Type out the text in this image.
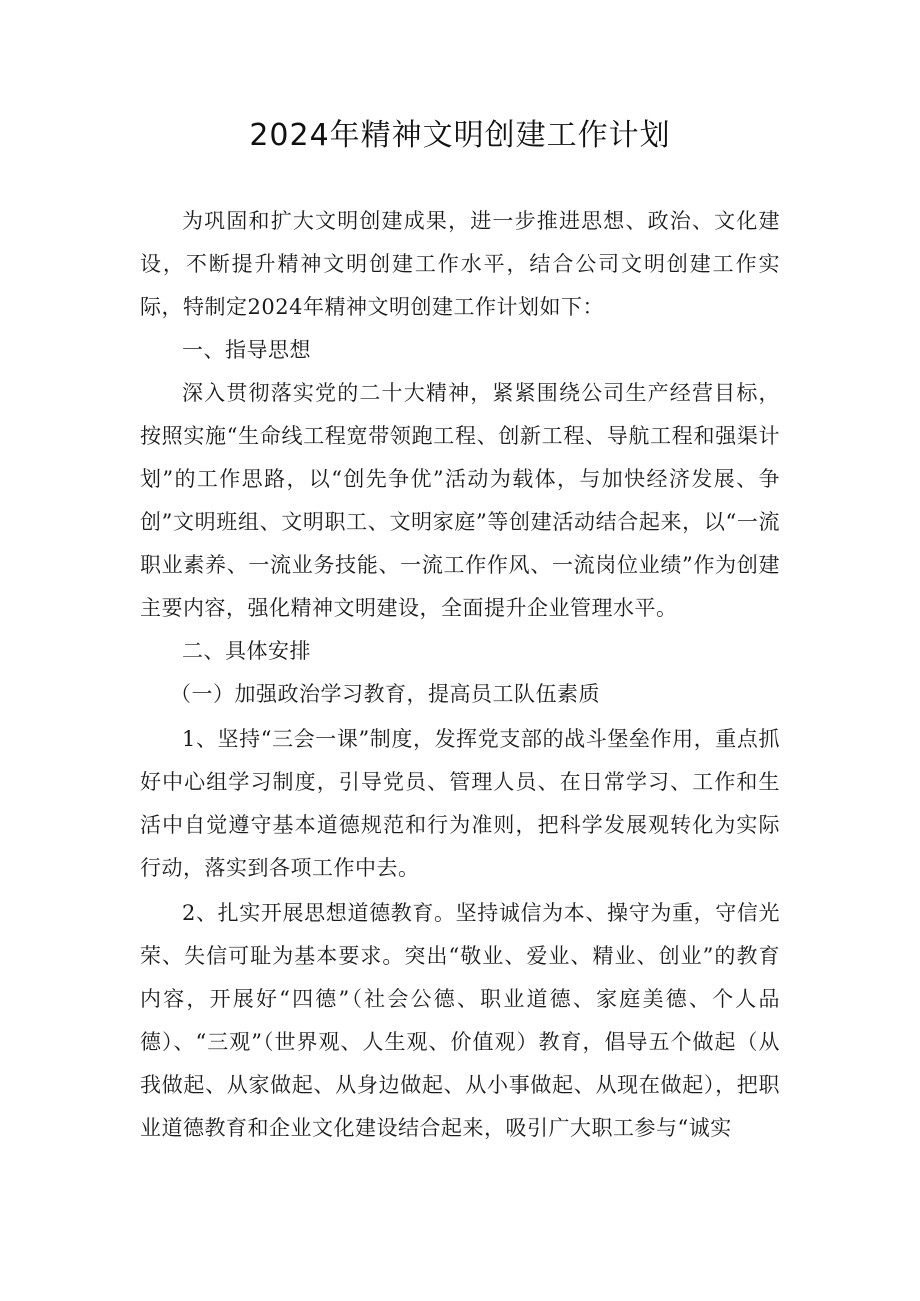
2024年精神文明创建工作计划

为巩固和扩大文明创建成果，进一步推进思想、政治、文化建设，不断提升精神文明创建工作水平，结合公司文明创建工作实际，特制定2024年精神文明创建工作计划如下：

一、指导思想

深入贯彻落实党的二十大精神，紧紧围绕公司生产经营目标，按照实施“生命线工程宽带领跑工程、创新工程、导航工程和强渠计划”的工作思路，以“创先争优”活动为载体，与加快经济发展、争创”文明班组、文明职工、文明家庭”等创建活动结合起来，以“一流职业素养、一流业务技能、一流工作作风、一流岗位业绩”作为创建主要内容，强化精神文明建设，全面提升企业管理水平。

二、具体安排

（一）加强政治学习教育，提高员工队伍素质

1、坚持“三会一课”制度，发挥党支部的战斗堡垒作用，重点抓好中心组学习制度，引导党员、管理人员、在日常学习、工作和生活中自觉遵守基本道德规范和行为准则，把科学发展观转化为实际行动，落实到各项工作中去。

2、扎实开展思想道德教育。坚持诚信为本、操守为重，守信光荣、失信可耻为基本要求。突出“敬业、爱业、精业、创业”的教育内容，开展好“四德”（社会公德、职业道德、家庭美德、个人品德）、“三观”（世界观、人生观、价值观）教育，倡导五个做起（从我做起、从家做起、从身边做起、从小事做起、从现在做起），把职业道德教育和企业文化建设结合起来，吸引广大职工参与“诚实
